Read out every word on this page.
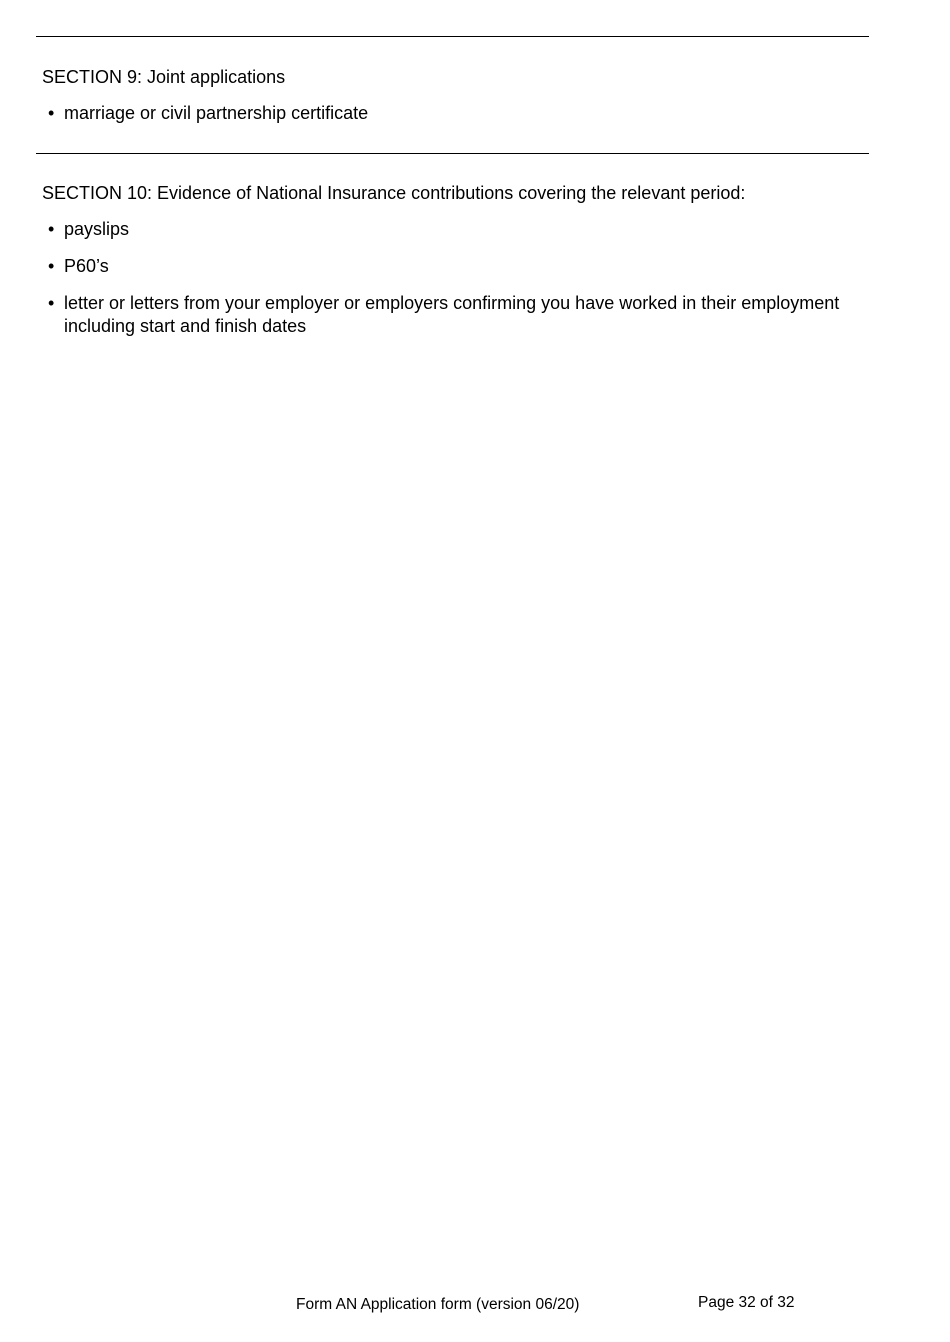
SECTION 9: Joint applications

• marriage or civil partnership certificate

SECTION 10: Evidence of National Insurance contributions covering the relevant period:

• payslips
• P60’s
• letter or letters from your employer or employers confirming you have worked in their employment including start and finish dates
Form AN Application form (version 06/20)	Page 32 of 32
